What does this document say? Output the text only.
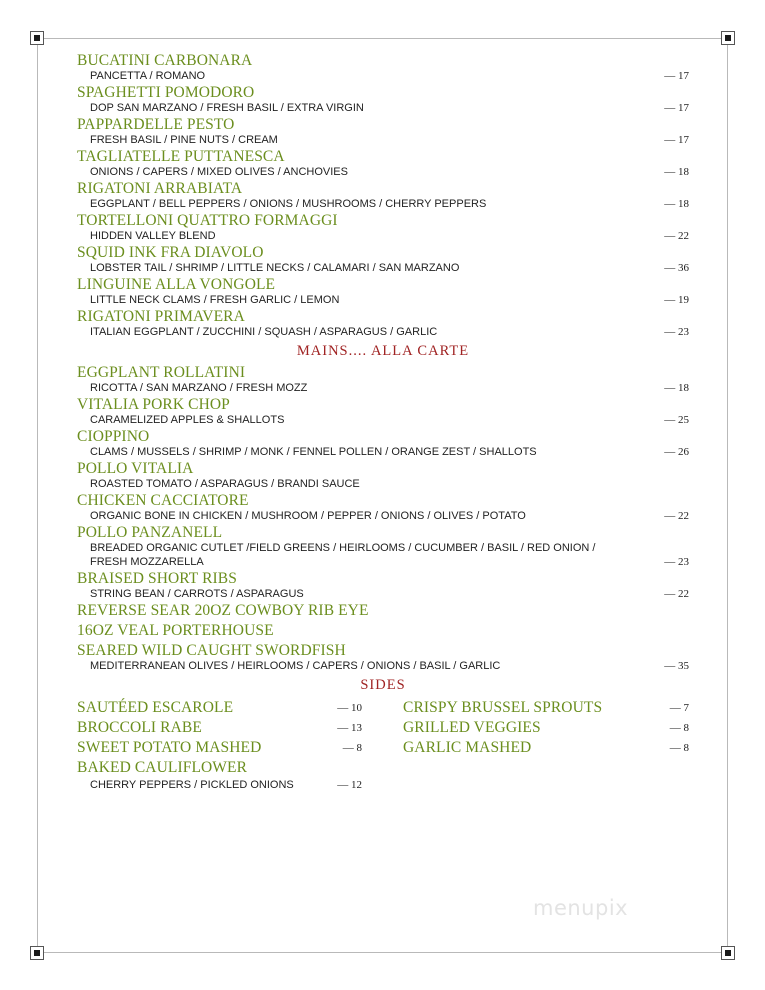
BUCATINI CARBONARA
PANCETTA / ROMANO	— 17
SPAGHETTI POMODORO
DOP SAN MARZANO / FRESH BASIL / EXTRA VIRGIN	— 17
PAPPARDELLE PESTO
FRESH BASIL / PINE NUTS / CREAM	— 17
TAGLIATELLE PUTTANESCA
ONIONS / CAPERS / MIXED OLIVES / ANCHOVIES	— 18
RIGATONI ARRABIATA
EGGPLANT / BELL PEPPERS / ONIONS / MUSHROOMS / CHERRY PEPPERS	— 18
TORTELLONI QUATTRO FORMAGGI
HIDDEN VALLEY BLEND	— 22
SQUID INK FRA DIAVOLO
LOBSTER TAIL / SHRIMP / LITTLE NECKS / CALAMARI / SAN MARZANO	— 36
LINGUINE ALLA VONGOLE
LITTLE NECK CLAMS / FRESH GARLIC / LEMON	— 19
RIGATONI PRIMAVERA
ITALIAN EGGPLANT / ZUCCHINI / SQUASH / ASPARAGUS / GARLIC	— 23
MAINS.... ALLA CARTE
EGGPLANT ROLLATINI
RICOTTA / SAN MARZANO / FRESH MOZZ	— 18
VITALIA PORK CHOP
CARAMELIZED APPLES & SHALLOTS	— 25
CIOPPINO
CLAMS / MUSSELS / SHRIMP / MONK / FENNEL POLLEN / ORANGE ZEST / SHALLOTS	— 26
POLLO VITALIA
ROASTED TOMATO / ASPARAGUS / BRANDI SAUCE
CHICKEN CACCIATORE
ORGANIC BONE IN CHICKEN / MUSHROOM / PEPPER / ONIONS / OLIVES / POTATO	— 22
POLLO PANZANELL
BREADED ORGANIC CUTLET /FIELD GREENS / HEIRLOOMS / CUCUMBER / BASIL / RED ONION / FRESH MOZZARELLA	— 23
BRAISED SHORT RIBS
STRING BEAN / CARROTS / ASPARAGUS	— 22
REVERSE SEAR 20OZ COWBOY RIB EYE
16OZ VEAL PORTERHOUSE
SEARED WILD CAUGHT SWORDFISH
MEDITERRANEAN OLIVES / HEIRLOOMS / CAPERS / ONIONS / BASIL / GARLIC	— 35
SIDES
SAUTÉED ESCAROLE	— 10
BROCCOLI RABE	— 13
SWEET POTATO MASHED	— 8
BAKED CAULIFLOWER
CHERRY PEPPERS / PICKLED ONIONS	— 12
CRISPY BRUSSEL SPROUTS	— 7
GRILLED VEGGIES	— 8
GARLIC MASHED	— 8
menupix
